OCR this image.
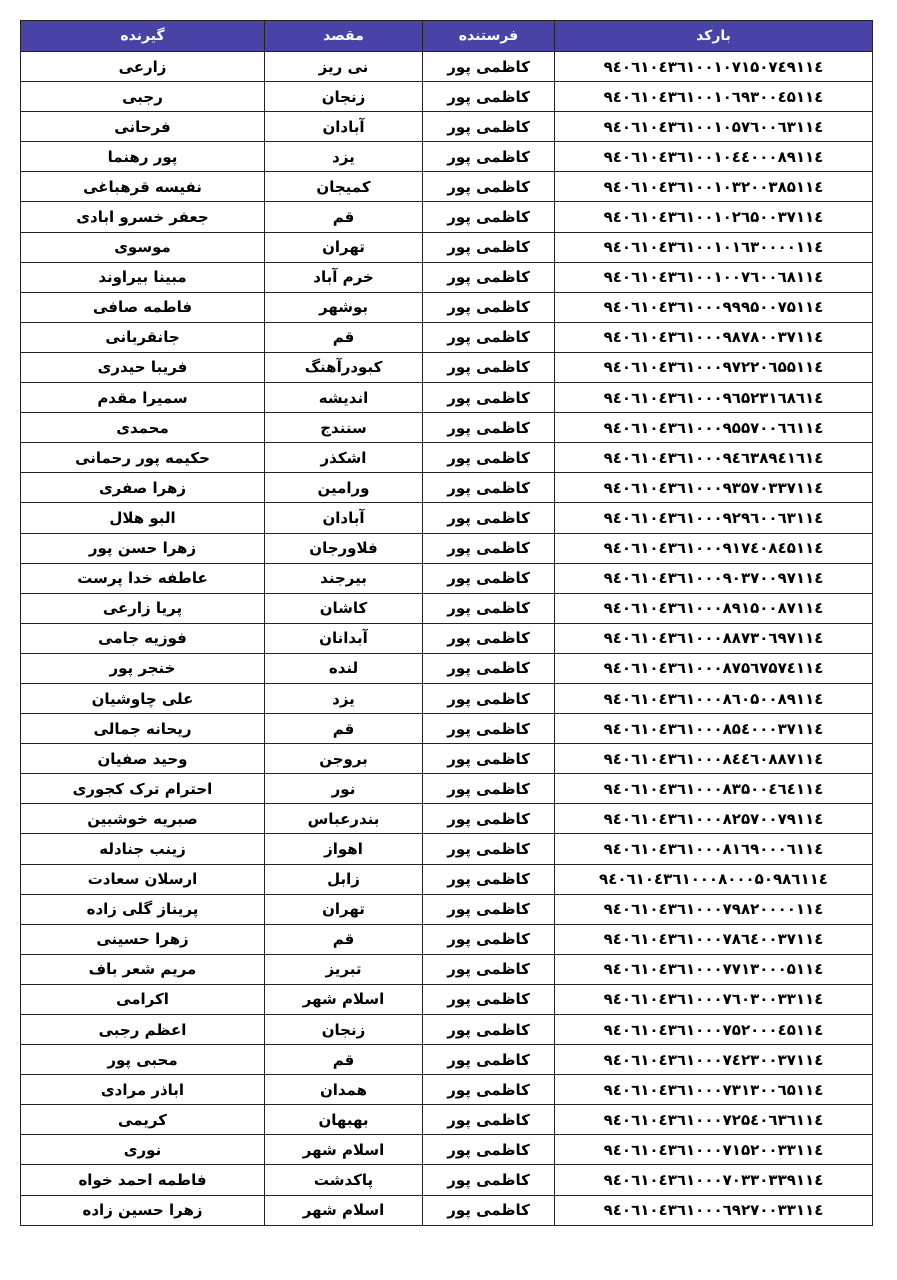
بارکد	فرستنده	مقصد	گیرنده
۹٤۰٦۱۰٤۳٦۱۰۰۱۰۷۱۵۰۷٤۹۱۱٤	کاظمی پور	نی ریز	زارعی
۹٤۰٦۱۰٤۳٦۱۰۰۱۰٦۹۳۰۰٤۵۱۱٤	کاظمی پور	زنجان	رجبی
۹٤۰٦۱۰٤۳٦۱۰۰۱۰۵۷٦۰۰٦۳۱۱٤	کاظمی پور	آبادان	فرحانی
۹٤۰٦۱۰٤۳٦۱۰۰۱۰٤٤۰۰۰۸۹۱۱٤	کاظمی پور	یزد	پور رهنما
۹٤۰٦۱۰٤۳٦۱۰۰۱۰۳۲۰۰۳۸۵۱۱٤	کاظمی پور	کمیجان	نفیسه قرهباغی
۹٤۰٦۱۰٤۳٦۱۰۰۱۰۲٦۵۰۰۳۷۱۱٤	کاظمی پور	قم	جعفر خسرو ابادی
۹٤۰٦۱۰٤۳٦۱۰۰۱۰۱٦۳۰۰۰۰۱۱٤	کاظمی پور	تهران	موسوی
۹٤۰٦۱۰٤۳٦۱۰۰۱۰۰۷٦۰۰٦۸۱۱٤	کاظمی پور	خرم آباد	مبینا بیراوند
۹٤۰٦۱۰٤۳٦۱۰۰۰۹۹۹۵۰۰۷۵۱۱٤	کاظمی پور	بوشهر	فاطمه صافی
۹٤۰٦۱۰٤۳٦۱۰۰۰۹۸۷۸۰۰۳۷۱۱٤	کاظمی پور	قم	جانقربانی
۹٤۰٦۱۰٤۳٦۱۰۰۰۹۷۲۲۰٦۵۵۱۱٤	کاظمی پور	کبودرآهنگ	فریبا حیدری
۹٤۰٦۱۰٤۳٦۱۰۰۰۹٦۵۲۳۱٦۸٦۱٤	کاظمی پور	اندیشه	سمیرا مقدم
۹٤۰٦۱۰٤۳٦۱۰۰۰۹۵۵۷۰۰٦٦۱۱٤	کاظمی پور	سنندج	محمدی
۹٤۰٦۱۰٤۳٦۱۰۰۰۹٤٦۳۸۹٤۱٦۱٤	کاظمی پور	اشکذر	حکیمه پور رحمانی
۹٤۰٦۱۰٤۳٦۱۰۰۰۹۳۵۷۰۳۳۷۱۱٤	کاظمی پور	ورامین	زهرا صفری
۹٤۰٦۱۰٤۳٦۱۰۰۰۹۲۹٦۰۰٦۳۱۱٤	کاظمی پور	آبادان	البو هلال
۹٤۰٦۱۰٤۳٦۱۰۰۰۹۱۷٤۰۸٤۵۱۱٤	کاظمی پور	فلاورجان	زهرا حسن پور
۹٤۰٦۱۰٤۳٦۱۰۰۰۹۰۳۷۰۰۹۷۱۱٤	کاظمی پور	بیرجند	عاطفه خدا پرست
۹٤۰٦۱۰٤۳٦۱۰۰۰۸۹۱۵۰۰۸۷۱۱٤	کاظمی پور	کاشان	پریا زارعی
۹٤۰٦۱۰٤۳٦۱۰۰۰۸۸۷۳۰٦۹۷۱۱٤	کاظمی پور	آبدانان	فوزیه جامی
۹٤۰٦۱۰٤۳٦۱۰۰۰۸۷۵٦۷۵۷٤۱۱٤	کاظمی پور	لنده	خنجر پور
۹٤۰٦۱۰٤۳٦۱۰۰۰۸٦۰۵۰۰۸۹۱۱٤	کاظمی پور	یزد	علی چاوشیان
۹٤۰٦۱۰٤۳٦۱۰۰۰۸۵٤۰۰۰۳۷۱۱٤	کاظمی پور	قم	ریحانه جمالی
۹٤۰٦۱۰٤۳٦۱۰۰۰۸٤٤٦۰۸۸۷۱۱٤	کاظمی پور	بروجن	وحید صفیان
۹٤۰٦۱۰٤۳٦۱۰۰۰۸۳۵۰۰٤٦٤۱۱٤	کاظمی پور	نور	احترام ترک کجوری
۹٤۰٦۱۰٤۳٦۱۰۰۰۸۲۵۷۰۰۷۹۱۱٤	کاظمی پور	بندرعباس	صبریه خوشبین
۹٤۰٦۱۰٤۳٦۱۰۰۰۸۱٦۹۰۰۰٦۱۱٤	کاظمی پور	اهواز	زینب جنادله
۹٤۰٦۱۰٤۳٦۱۰۰۰۸۰۰۰۵۰۹۸٦۱۱٤	کاظمی پور	زابل	ارسلان سعادت
۹٤۰٦۱۰٤۳٦۱۰۰۰۷۹۸۲۰۰۰۰۱۱٤	کاظمی پور	تهران	پریناز گلی زاده
۹٤۰٦۱۰٤۳٦۱۰۰۰۷۸٦٤۰۰۳۷۱۱٤	کاظمی پور	قم	زهرا حسینی
۹٤۰٦۱۰٤۳٦۱۰۰۰۷۷۱۳۰۰۰۵۱۱٤	کاظمی پور	تبریز	مریم شعر باف
۹٤۰٦۱۰٤۳٦۱۰۰۰۷٦۰۳۰۰۳۳۱۱٤	کاظمی پور	اسلام شهر	اکرامی
۹٤۰٦۱۰٤۳٦۱۰۰۰۷۵۲۰۰۰٤۵۱۱٤	کاظمی پور	زنجان	اعظم رجبی
۹٤۰٦۱۰٤۳٦۱۰۰۰۷٤۲۳۰۰۳۷۱۱٤	کاظمی پور	قم	محبی پور
۹٤۰٦۱۰٤۳٦۱۰۰۰۷۳۱۳۰۰٦۵۱۱٤	کاظمی پور	همدان	اباذر مرادی
۹٤۰٦۱۰٤۳٦۱۰۰۰۷۲۵٤۰٦۳٦۱۱٤	کاظمی پور	بهبهان	کریمی
۹٤۰٦۱۰٤۳٦۱۰۰۰۷۱۵۲۰۰۳۳۱۱٤	کاظمی پور	اسلام شهر	نوری
۹٤۰٦۱۰٤۳٦۱۰۰۰۷۰۳۳۰۳۳۹۱۱٤	کاظمی پور	پاکدشت	فاطمه احمد خواه
۹٤۰٦۱۰٤۳٦۱۰۰۰٦۹۲۷۰۰۳۳۱۱٤	کاظمی پور	اسلام شهر	زهرا حسین زاده
